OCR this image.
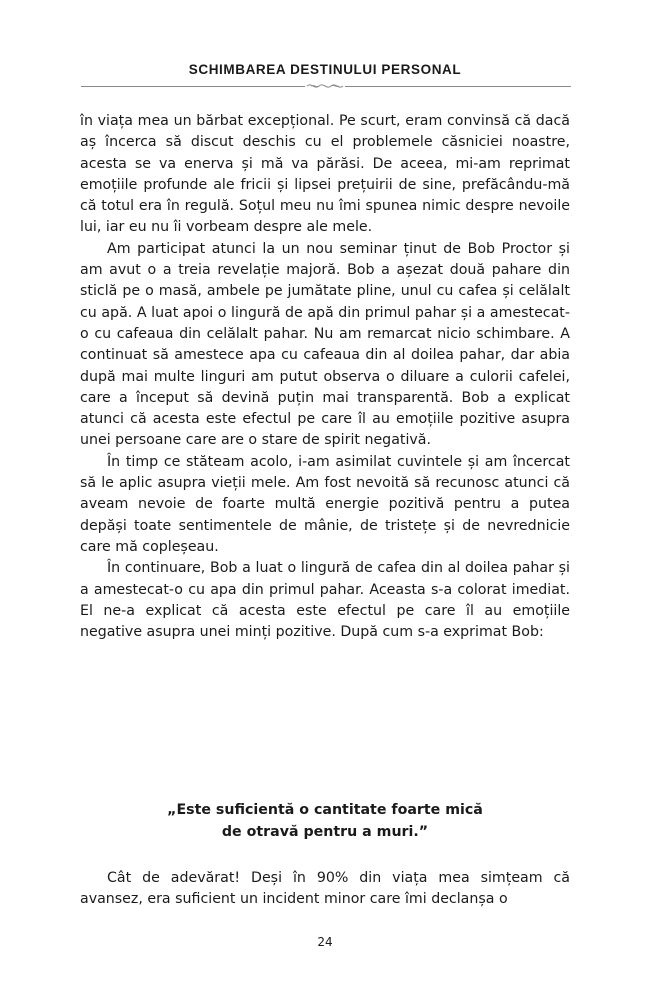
SCHIMBAREA DESTINULUI PERSONAL

în viața mea un bărbat excepțional. Pe scurt, eram convinsă că dacă aș încerca să discut deschis cu el problemele căsniciei noastre, acesta se va enerva și mă va părăsi. De aceea, mi-am reprimat emoțiile profunde ale fricii și lipsei prețuirii de sine, prefăcându-mă că totul era în regulă. Soțul meu nu îmi spunea nimic despre nevoile lui, iar eu nu îi vorbeam despre ale mele.

Am participat atunci la un nou seminar ținut de Bob Proctor și am avut o a treia revelație majoră. Bob a așezat două pahare din sticlă pe o masă, ambele pe jumătate pline, unul cu cafea și celălalt cu apă. A luat apoi o lingură de apă din primul pahar și a amestecat-o cu cafeaua din celălalt pahar. Nu am remarcat nicio schimbare. A continuat să amestece apa cu cafeaua din al doilea pahar, dar abia după mai multe linguri am putut observa o diluare a culorii cafelei, care a început să devină puțin mai transparentă. Bob a explicat atunci că acesta este efectul pe care îl au emoțiile pozitive asupra unei persoane care are o stare de spirit negativă.

În timp ce stăteam acolo, i-am asimilat cuvintele și am încercat să le aplic asupra vieții mele. Am fost nevoită să recunosc atunci că aveam nevoie de foarte multă energie pozitivă pentru a putea depăși toate sentimentele de mânie, de tristețe și de nevrednicie care mă copleșeau.

În continuare, Bob a luat o lingură de cafea din al doilea pahar și a amestecat-o cu apa din primul pahar. Aceasta s-a colorat imediat. El ne-a explicat că acesta este efectul pe care îl au emoțiile negative asupra unei minți pozitive. După cum s-a exprimat Bob:

„Este suficientă o cantitate foarte mică
de otravă pentru a muri.”

Cât de adevărat! Deși în 90% din viața mea simțeam că avansez, era suficient un incident minor care îmi declanșa o

24
